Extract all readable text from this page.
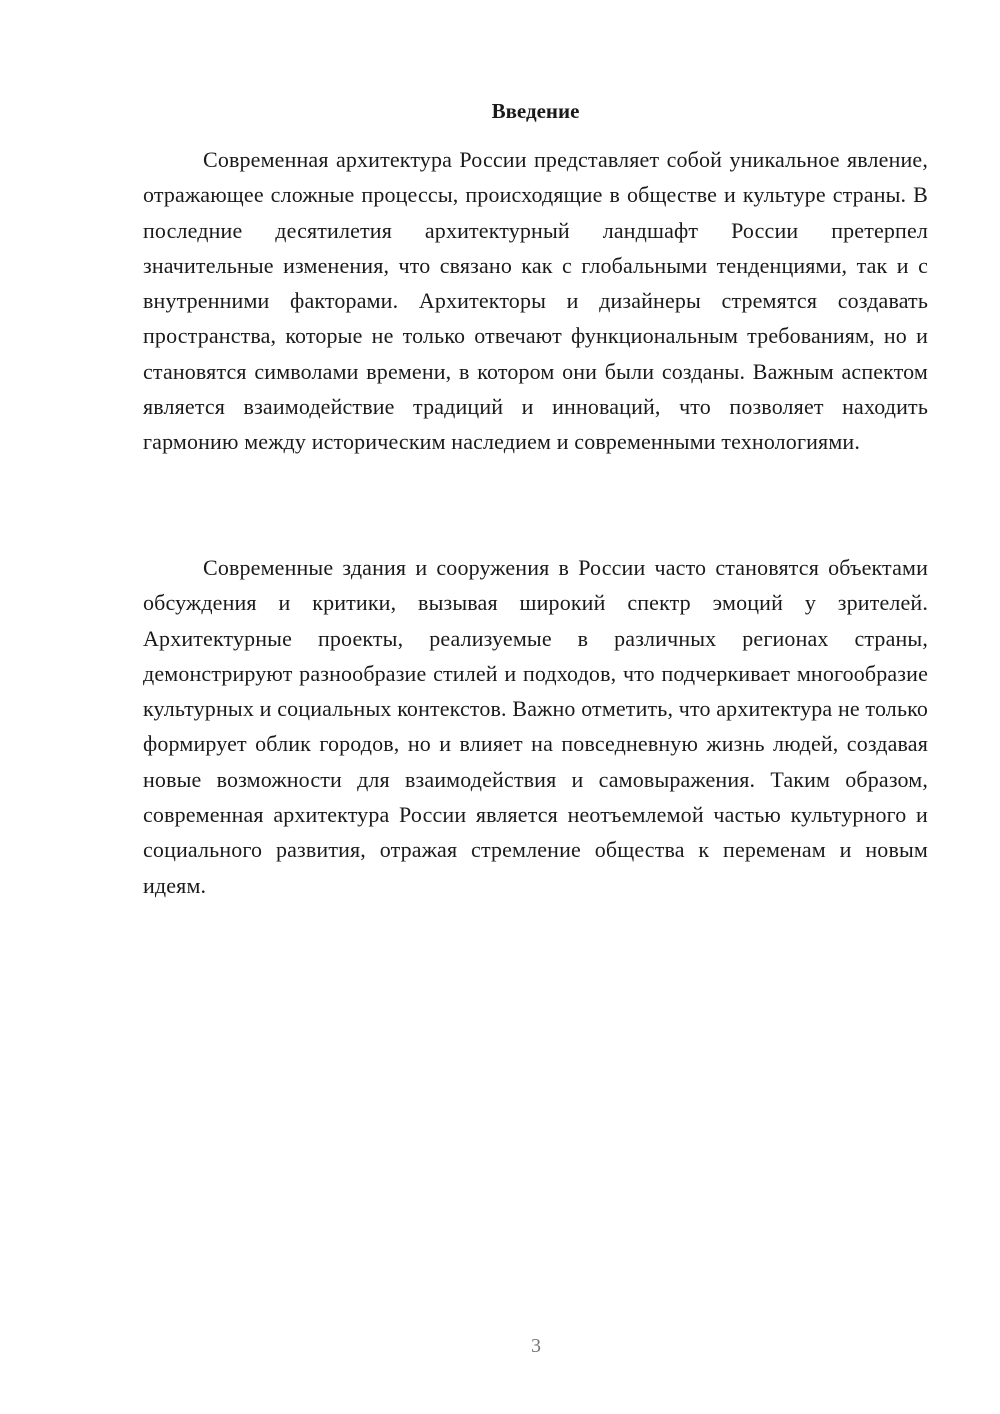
Введение

Современная архитектура России представляет собой уникальное явление, отражающее сложные процессы, происходящие в обществе и культуре страны. В последние десятилетия архитектурный ландшафт России претерпел значительные изменения, что связано как с глобальными тенденциями, так и с внутренними факторами. Архитекторы и дизайнеры стремятся создавать пространства, которые не только отвечают функциональным требованиям, но и становятся символами времени, в котором они были созданы. Важным аспектом является взаимодействие традиций и инноваций, что позволяет находить гармонию между историческим наследием и современными технологиями.

Современные здания и сооружения в России часто становятся объектами обсуждения и критики, вызывая широкий спектр эмоций у зрителей. Архитектурные проекты, реализуемые в различных регионах страны, демонстрируют разнообразие стилей и подходов, что подчеркивает многообразие культурных и социальных контекстов. Важно отметить, что архитектура не только формирует облик городов, но и влияет на повседневную жизнь людей, создавая новые возможности для взаимодействия и самовыражения. Таким образом, современная архитектура России является неотъемлемой частью культурного и социального развития, отражая стремление общества к переменам и новым идеям.

3
